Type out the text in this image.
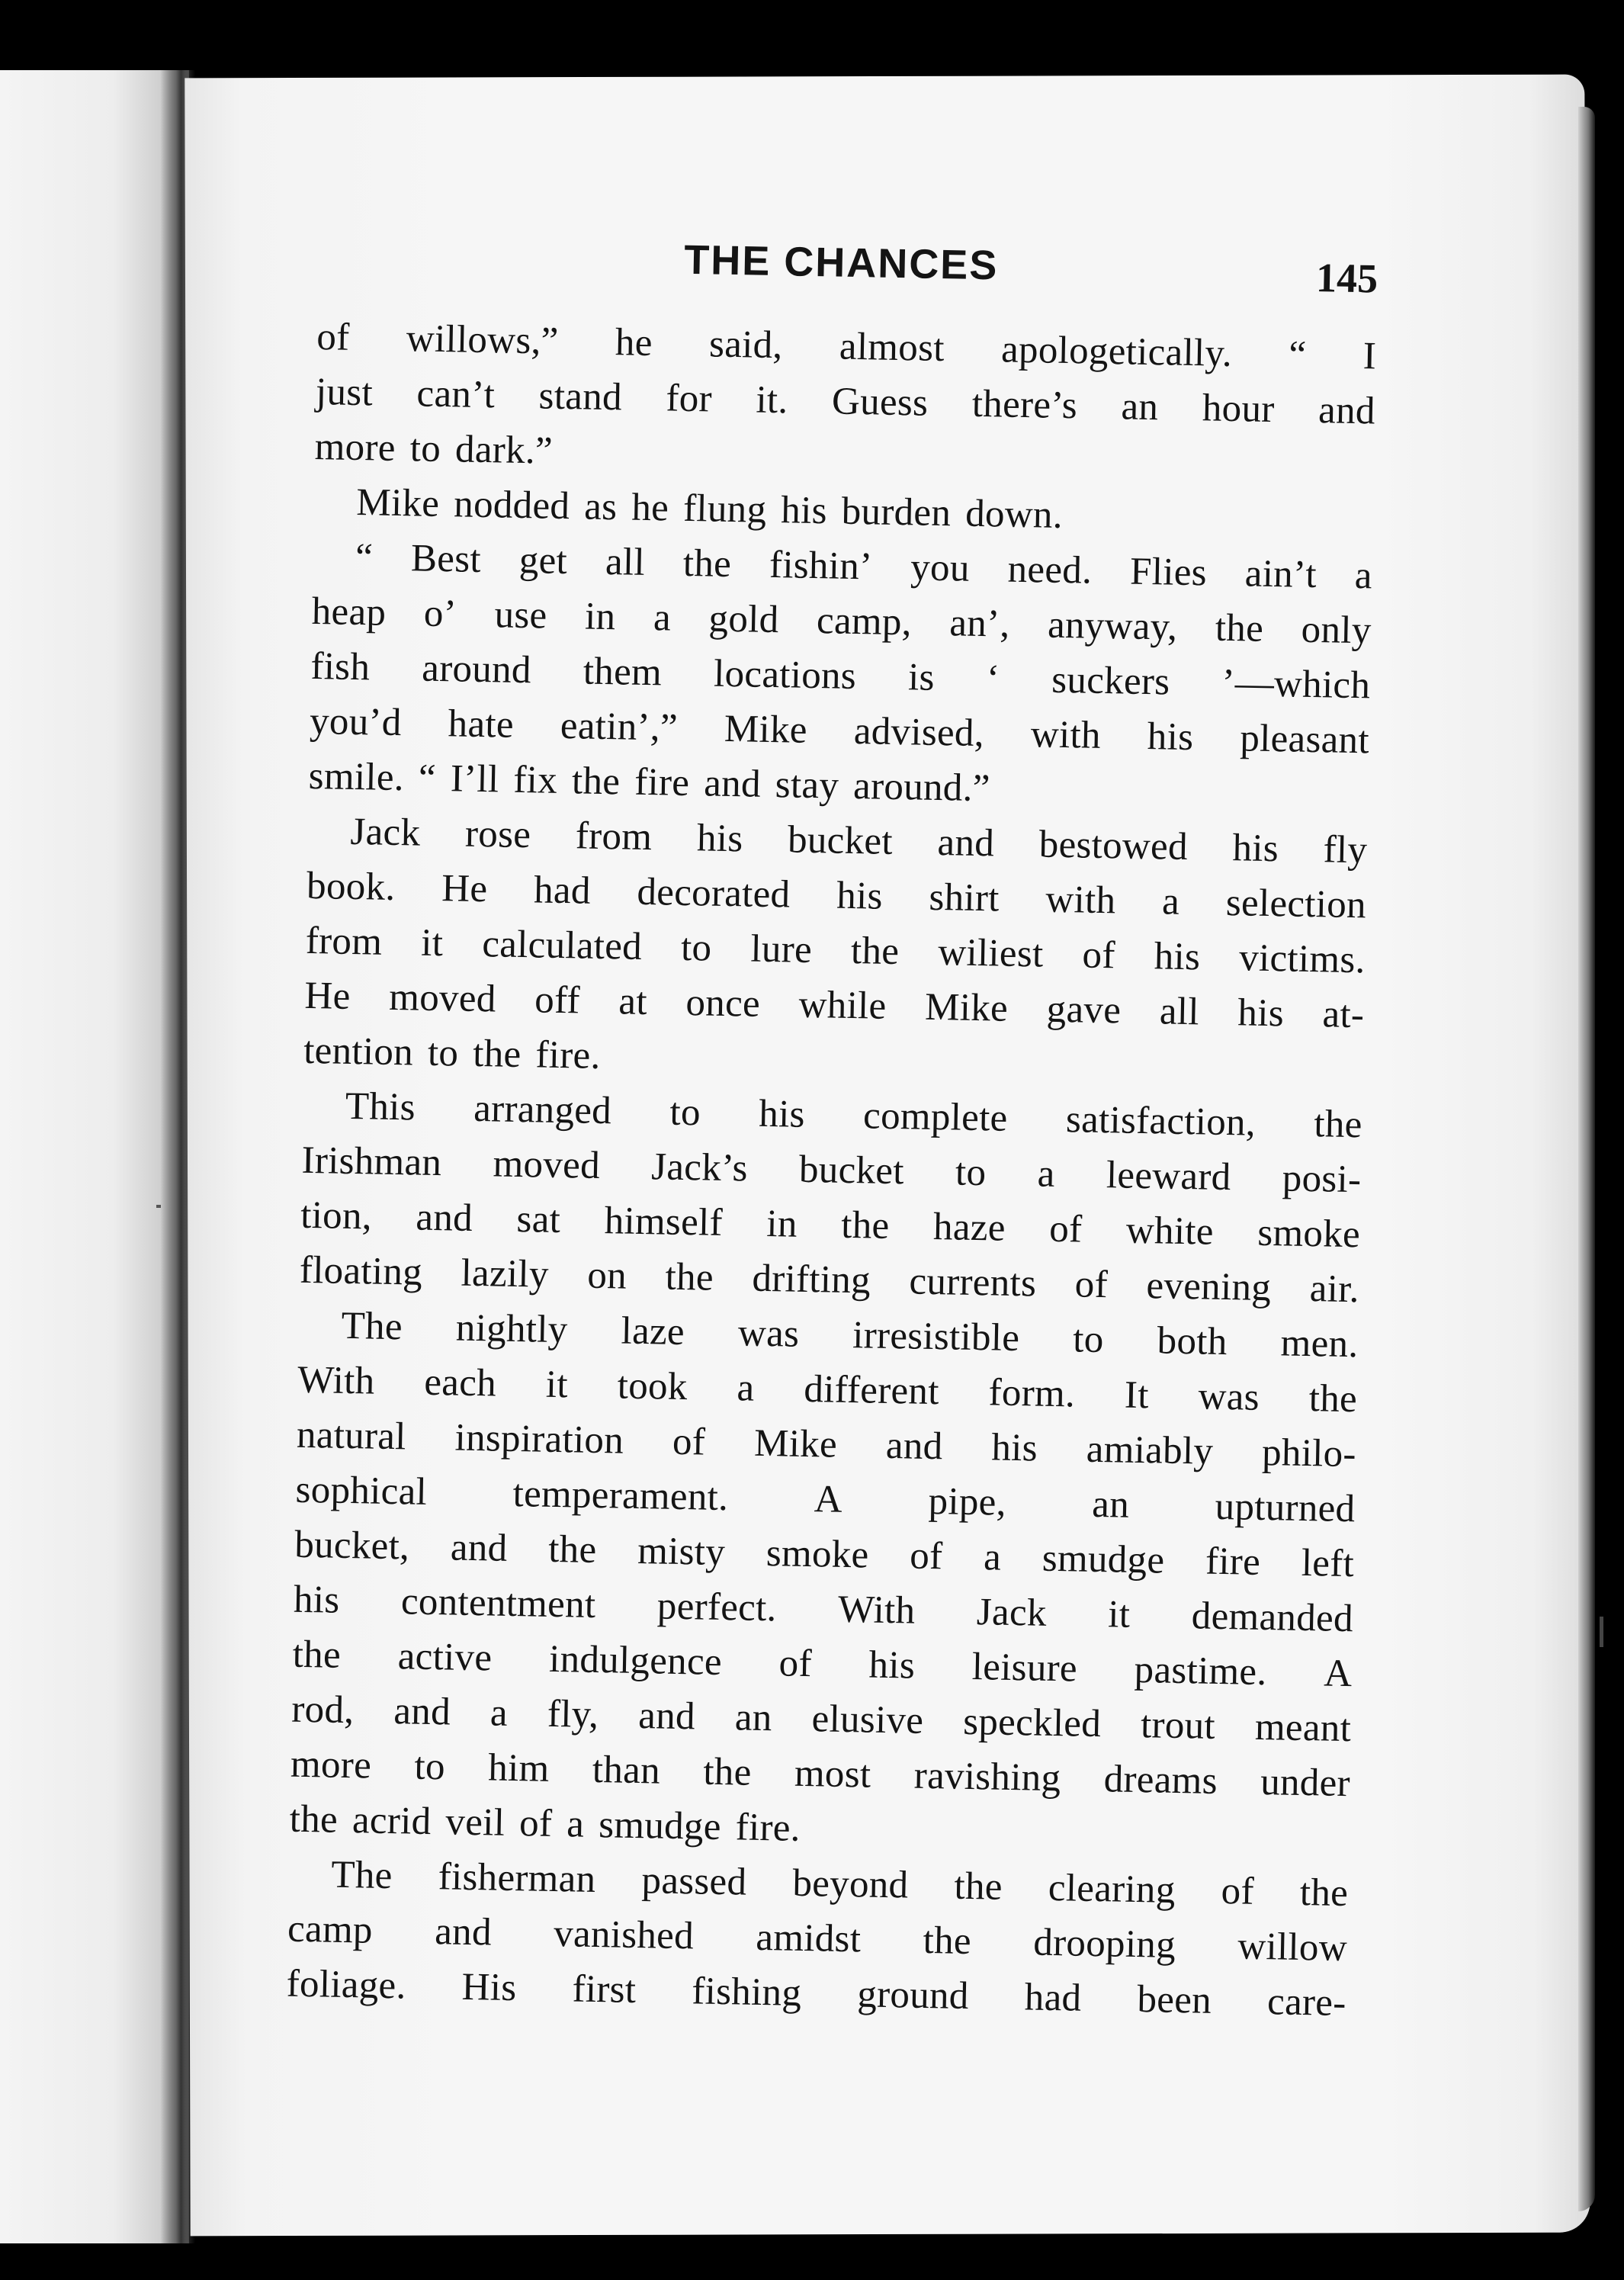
THE CHANCES	145
of willows,” he said, almost apologetically. “ I
just can’t stand for it. Guess there’s an hour and
more to dark.”
Mike nodded as he flung his burden down.
“ Best get all the fishin’ you need. Flies ain’t a
heap o’ use in a gold camp, an’, anyway, the only
fish around them locations is ‘ suckers ’—which
you’d hate eatin’,” Mike advised, with his pleasant
smile. “ I’ll fix the fire and stay around.”
Jack rose from his bucket and bestowed his fly
book. He had decorated his shirt with a selection
from it calculated to lure the wiliest of his victims.
He moved off at once while Mike gave all his at-
tention to the fire.
This arranged to his complete satisfaction, the
Irishman moved Jack’s bucket to a leeward posi-
tion, and sat himself in the haze of white smoke
floating lazily on the drifting currents of evening air.
The nightly laze was irresistible to both men.
With each it took a different form. It was the
natural inspiration of Mike and his amiably philo-
sophical temperament. A pipe, an upturned
bucket, and the misty smoke of a smudge fire left
his contentment perfect. With Jack it demanded
the active indulgence of his leisure pastime. A
rod, and a fly, and an elusive speckled trout meant
more to him than the most ravishing dreams under
the acrid veil of a smudge fire.
The fisherman passed beyond the clearing of the
camp and vanished amidst the drooping willow
foliage. His first fishing ground had been care-
